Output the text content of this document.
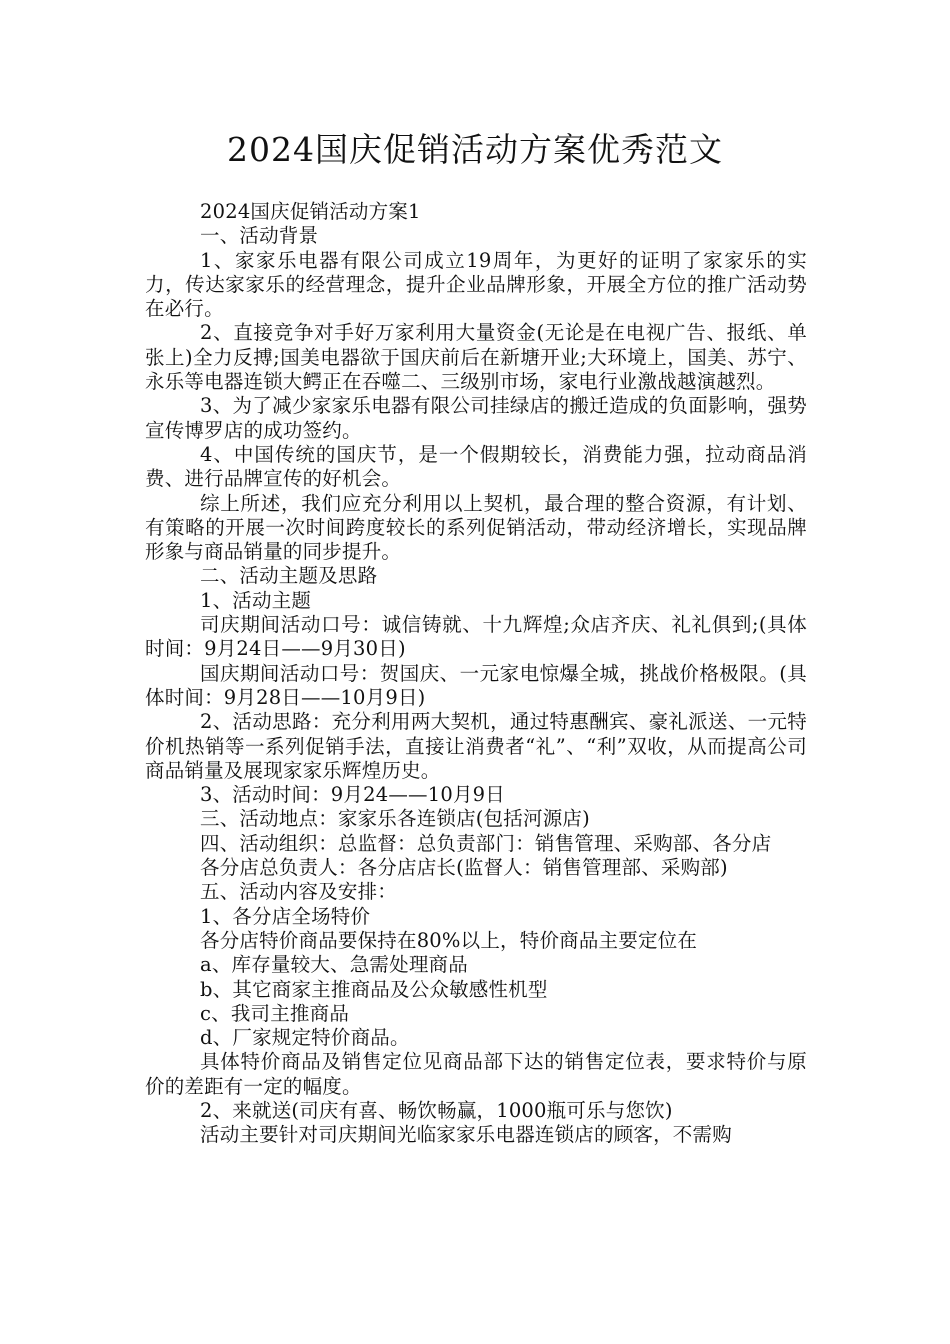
2024国庆促销活动方案优秀范文

2024国庆促销活动方案1

一、活动背景

1、家家乐电器有限公司成立19周年，为更好的证明了家家乐的实力，传达家家乐的经营理念，提升企业品牌形象，开展全方位的推广活动势在必行。

2、直接竞争对手好万家利用大量资金(无论是在电视广告、报纸、单张上)全力反搏;国美电器欲于国庆前后在新塘开业;大环境上，国美、苏宁、永乐等电器连锁大鳄正在吞噬二、三级别市场，家电行业激战越演越烈。

3、为了减少家家乐电器有限公司挂绿店的搬迁造成的负面影响，强势宣传博罗店的成功签约。

4、中国传统的国庆节，是一个假期较长，消费能力强，拉动商品消费、进行品牌宣传的好机会。

综上所述，我们应充分利用以上契机，最合理的整合资源，有计划、有策略的开展一次时间跨度较长的系列促销活动，带动经济增长，实现品牌形象与商品销量的同步提升。

二、活动主题及思路

1、活动主题

司庆期间活动口号：诚信铸就、十九辉煌;众店齐庆、礼礼俱到;(具体时间：9月24日——9月30日)

国庆期间活动口号：贺国庆、一元家电惊爆全城，挑战价格极限。(具体时间：9月28日——10月9日)

2、活动思路：充分利用两大契机，通过特惠酬宾、豪礼派送、一元特价机热销等一系列促销手法，直接让消费者“礼”、“利”双收，从而提高公司商品销量及展现家家乐辉煌历史。

3、活动时间：9月24——10月9日

三、活动地点：家家乐各连锁店(包括河源店)

四、活动组织：总监督：总负责部门：销售管理、采购部、各分店

各分店总负责人：各分店店长(监督人：销售管理部、采购部)

五、活动内容及安排：

1、各分店全场特价

各分店特价商品要保持在80%以上，特价商品主要定位在

a、库存量较大、急需处理商品

b、其它商家主推商品及公众敏感性机型

c、我司主推商品

d、厂家规定特价商品。

具体特价商品及销售定位见商品部下达的销售定位表，要求特价与原价的差距有一定的幅度。

2、来就送(司庆有喜、畅饮畅赢，1000瓶可乐与您饮)

活动主要针对司庆期间光临家家乐电器连锁店的顾客，不需购
